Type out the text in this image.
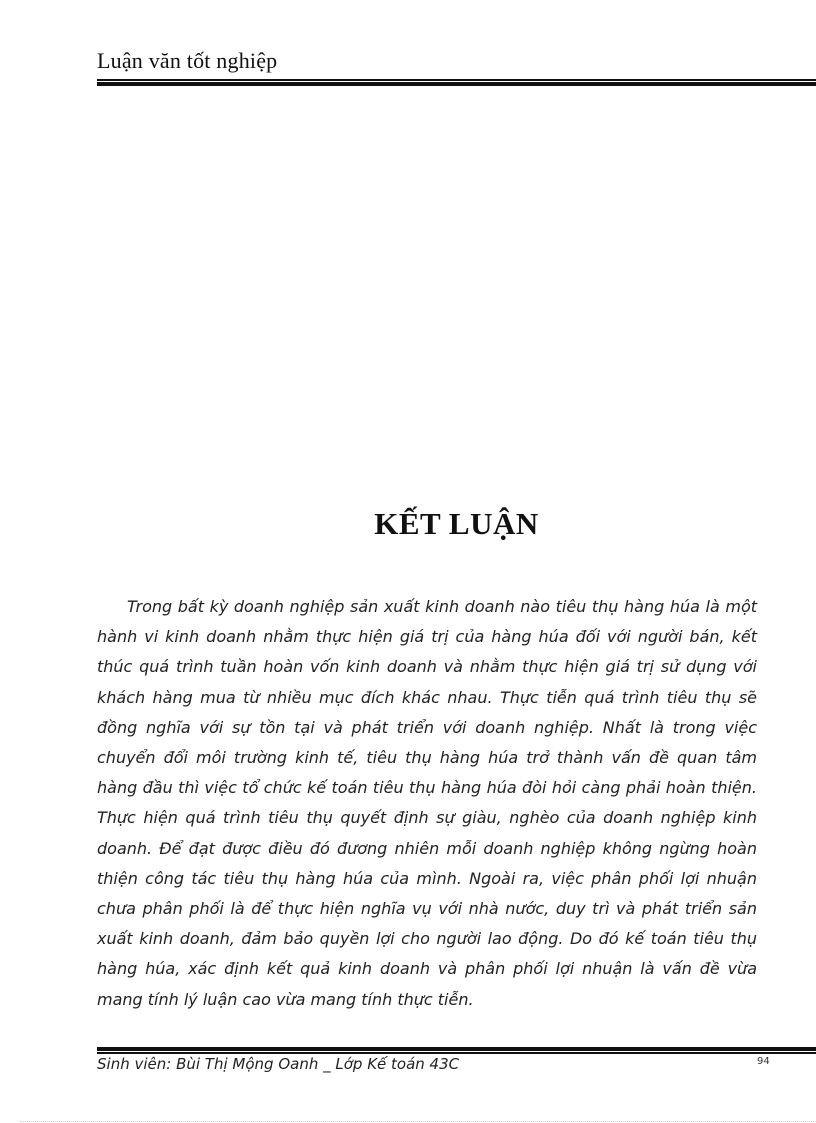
Luận văn tốt nghiệp
KẾT LUẬN

Trong bất kỳ doanh nghiệp sản xuất kinh doanh nào tiêu thụ hàng húa là một hành vi kinh doanh nhằm thực hiện giá trị của hàng húa đối với người bán, kết thúc quá trình tuần hoàn vốn kinh doanh và nhằm thực hiện giá trị sử dụng với khách hàng mua từ nhiều mục đích khác nhau. Thực tiễn quá trình tiêu thụ sẽ đồng nghĩa với sự tồn tại và phát triển với doanh nghiệp. Nhất là trong việc chuyển đổi môi trường kinh tế, tiêu thụ hàng húa trở thành vấn đề quan tâm hàng đầu thì việc tổ chức kế toán tiêu thụ hàng húa đòi hỏi càng phải hoàn thiện. Thực hiện quá trình tiêu thụ quyết định sự giàu, nghèo của doanh nghiệp kinh doanh. Để đạt được điều đó đương nhiên mỗi doanh nghiệp không ngừng hoàn thiện công tác tiêu thụ hàng húa của mình. Ngoài ra, việc phân phối lợi nhuận chưa phân phối là để thực hiện nghĩa vụ với nhà nước, duy trì và phát triển sản xuất kinh doanh, đảm bảo quyền lợi cho người lao động. Do đó kế toán tiêu thụ hàng húa, xác định kết quả kinh doanh và phân phối lợi nhuận là vấn đề vừa mang tính lý luận cao vừa mang tính thực tiễn.

Sinh viên: Bùi Thị Mộng Oanh _ Lớp Kế toán 43C	94
